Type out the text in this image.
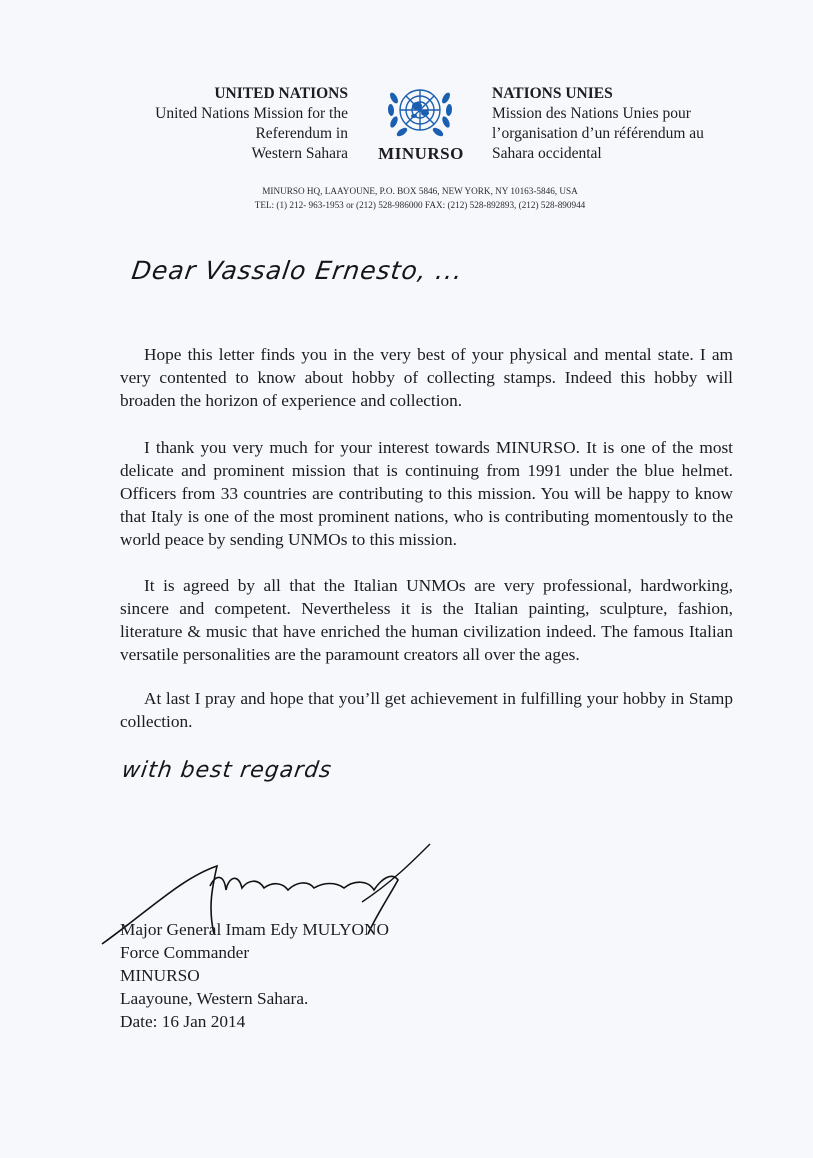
UNITED NATIONS
United Nations Mission for the
Referendum in
Western Sahara	MINURSO
NATIONS UNIES
Mission des Nations Unies pour
l’organisation d’un référendum au
Sahara occidental
MINURSO HQ, LAAYOUNE, P.O. BOX 5846, NEW YORK, NY 10163-5846, USA
TEL: (1) 212- 963-1953 or (212) 528-986000 FAX: (212) 528-892893, (212) 528-890944
Dear Vassalo Ernesto, ...
Hope this letter finds you in the very best of your physical and mental state. I am very contented to know about hobby of collecting stamps. Indeed this hobby will broaden the horizon of experience and collection.
I thank you very much for your interest towards MINURSO. It is one of the most delicate and prominent mission that is continuing from 1991 under the blue helmet. Officers from 33 countries are contributing to this mission. You will be happy to know that Italy is one of the most prominent nations, who is contributing momentously to the world peace by sending UNMOs to this mission.
It is agreed by all that the Italian UNMOs are very professional, hardworking, sincere and competent. Nevertheless it is the Italian painting, sculpture, fashion, literature & music that have enriched the human civilization indeed. The famous Italian versatile personalities are the paramount creators all over the ages.
At last I pray and hope that you’ll get achievement in fulfilling your hobby in Stamp collection.
with best regards
Major General Imam Edy MULYONO
Force Commander
MINURSO
Laayoune, Western Sahara.
Date: 16 Jan 2014
